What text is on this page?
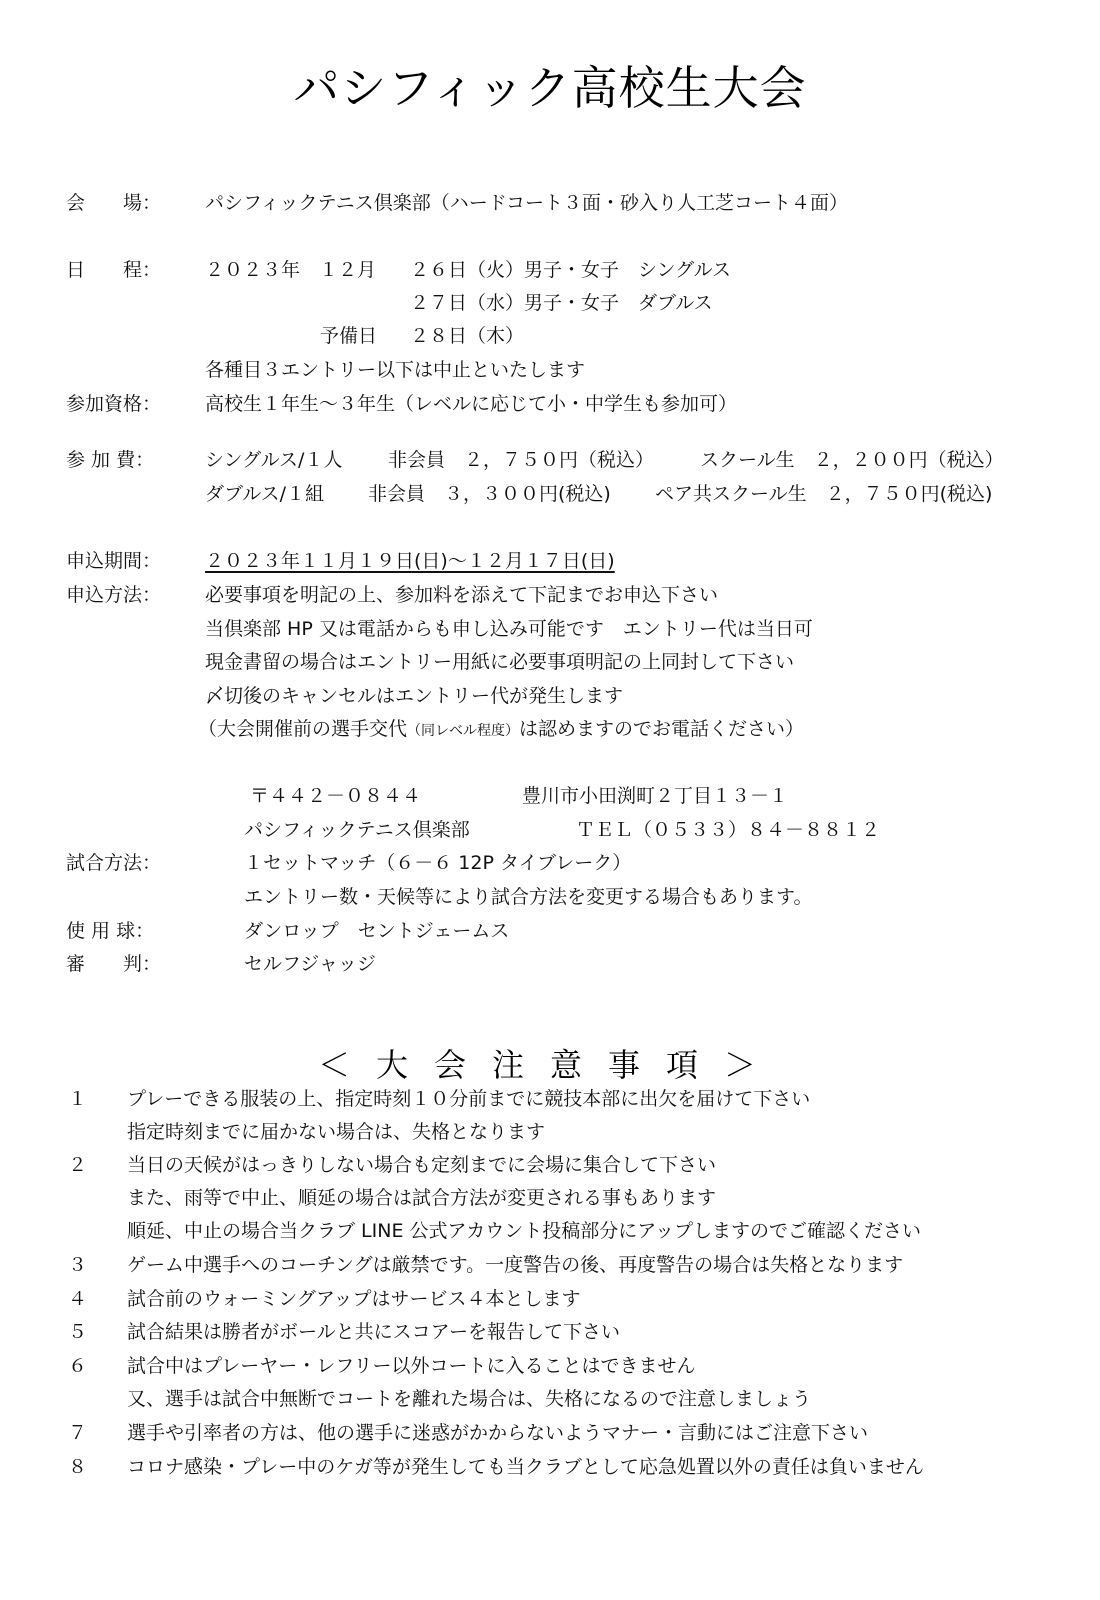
パシフィック高校生大会
会　　場： パシフィックテニス倶楽部（ハードコート３面・砂入り人工芝コート４面）
日　　程： ２０２３年　１２月 ２６日（火）男子・女子　シングルス
２７日（水）男子・女子　ダブルス
予備日 ２８日（木）
各種目３エントリー以下は中止といたします
参加資格： 高校生１年生～３年生（レベルに応じて小・中学生も参加可）
参 加 費：	シングルス/１人 非会員　２，７５０円（税込） スクール生　２，２００円（税込）
ダブルス/１組 非会員　３，３００円(税込) ペア共スクール生　２，７５０円(税込)
申込期間： ２０２３年１１月１９日(日)～１２月１７日(日)
申込方法： 必要事項を明記の上、参加料を添えて下記までお申込下さい
当倶楽部 HP 又は電話からも申し込み可能です　エントリー代は当日可
現金書留の場合はエントリー用紙に必要事項明記の上同封して下さい
〆切後のキャンセルはエントリー代が発生します
（大会開催前の選手交代（同レベル程度）は認めますのでお電話ください）
〒４４２－０８４４	豊川市小田渕町２丁目１３－１
パシフィックテニス倶楽部	ＴＥＬ（０５３３）８４－８８１２
試合方法：	１セットマッチ（６－６ 12P タイブレーク）
エントリー数・天候等により試合方法を変更する場合もあります。
使 用 球：	ダンロップ　セントジェームス
審　　判：	セルフジャッジ
＜大会注意事項＞
１ プレーできる服装の上、指定時刻１０分前までに競技本部に出欠を届けて下さい
指定時刻までに届かない場合は、失格となります
２ 当日の天候がはっきりしない場合も定刻までに会場に集合して下さい
また、雨等で中止、順延の場合は試合方法が変更される事もあります
順延、中止の場合当クラブ LINE 公式アカウント投稿部分にアップしますのでご確認ください
３ ゲーム中選手へのコーチングは厳禁です。一度警告の後、再度警告の場合は失格となります
４ 試合前のウォーミングアップはサービス４本とします
５ 試合結果は勝者がボールと共にスコアーを報告して下さい
６ 試合中はプレーヤー・レフリー以外コートに入ることはできません
又、選手は試合中無断でコートを離れた場合は、失格になるので注意しましょう
７ 選手や引率者の方は、他の選手に迷惑がかからないようマナー・言動にはご注意下さい
８ コロナ感染・プレー中のケガ等が発生しても当クラブとして応急処置以外の責任は負いません
